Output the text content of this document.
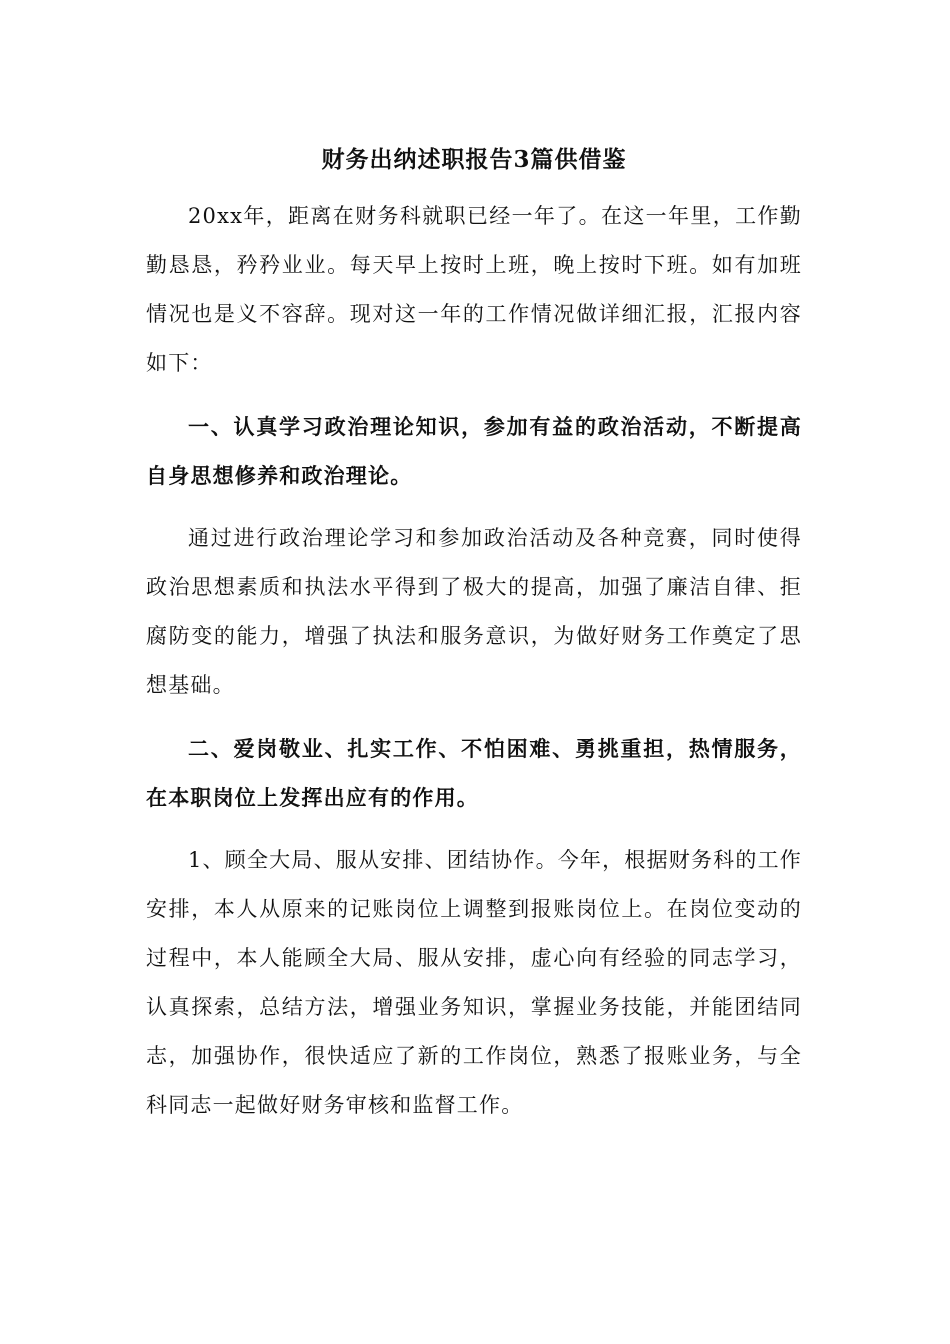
财务出纳述职报告3篇供借鉴

20xx年，距离在财务科就职已经一年了。在这一年里，工作勤勤恳恳，矜矜业业。每天早上按时上班，晚上按时下班。如有加班情况也是义不容辞。现对这一年的工作情况做详细汇报，汇报内容如下：

一、认真学习政治理论知识，参加有益的政治活动，不断提高自身思想修养和政治理论。

通过进行政治理论学习和参加政治活动及各种竞赛，同时使得政治思想素质和执法水平得到了极大的提高，加强了廉洁自律、拒腐防变的能力，增强了执法和服务意识，为做好财务工作奠定了思想基础。

二、爱岗敬业、扎实工作、不怕困难、勇挑重担，热情服务，在本职岗位上发挥出应有的作用。

1、顾全大局、服从安排、团结协作。今年，根据财务科的工作安排，本人从原来的记账岗位上调整到报账岗位上。在岗位变动的过程中，本人能顾全大局、服从安排，虚心向有经验的同志学习，认真探索，总结方法，增强业务知识，掌握业务技能，并能团结同志，加强协作，很快适应了新的工作岗位，熟悉了报账业务，与全科同志一起做好财务审核和监督工作。
